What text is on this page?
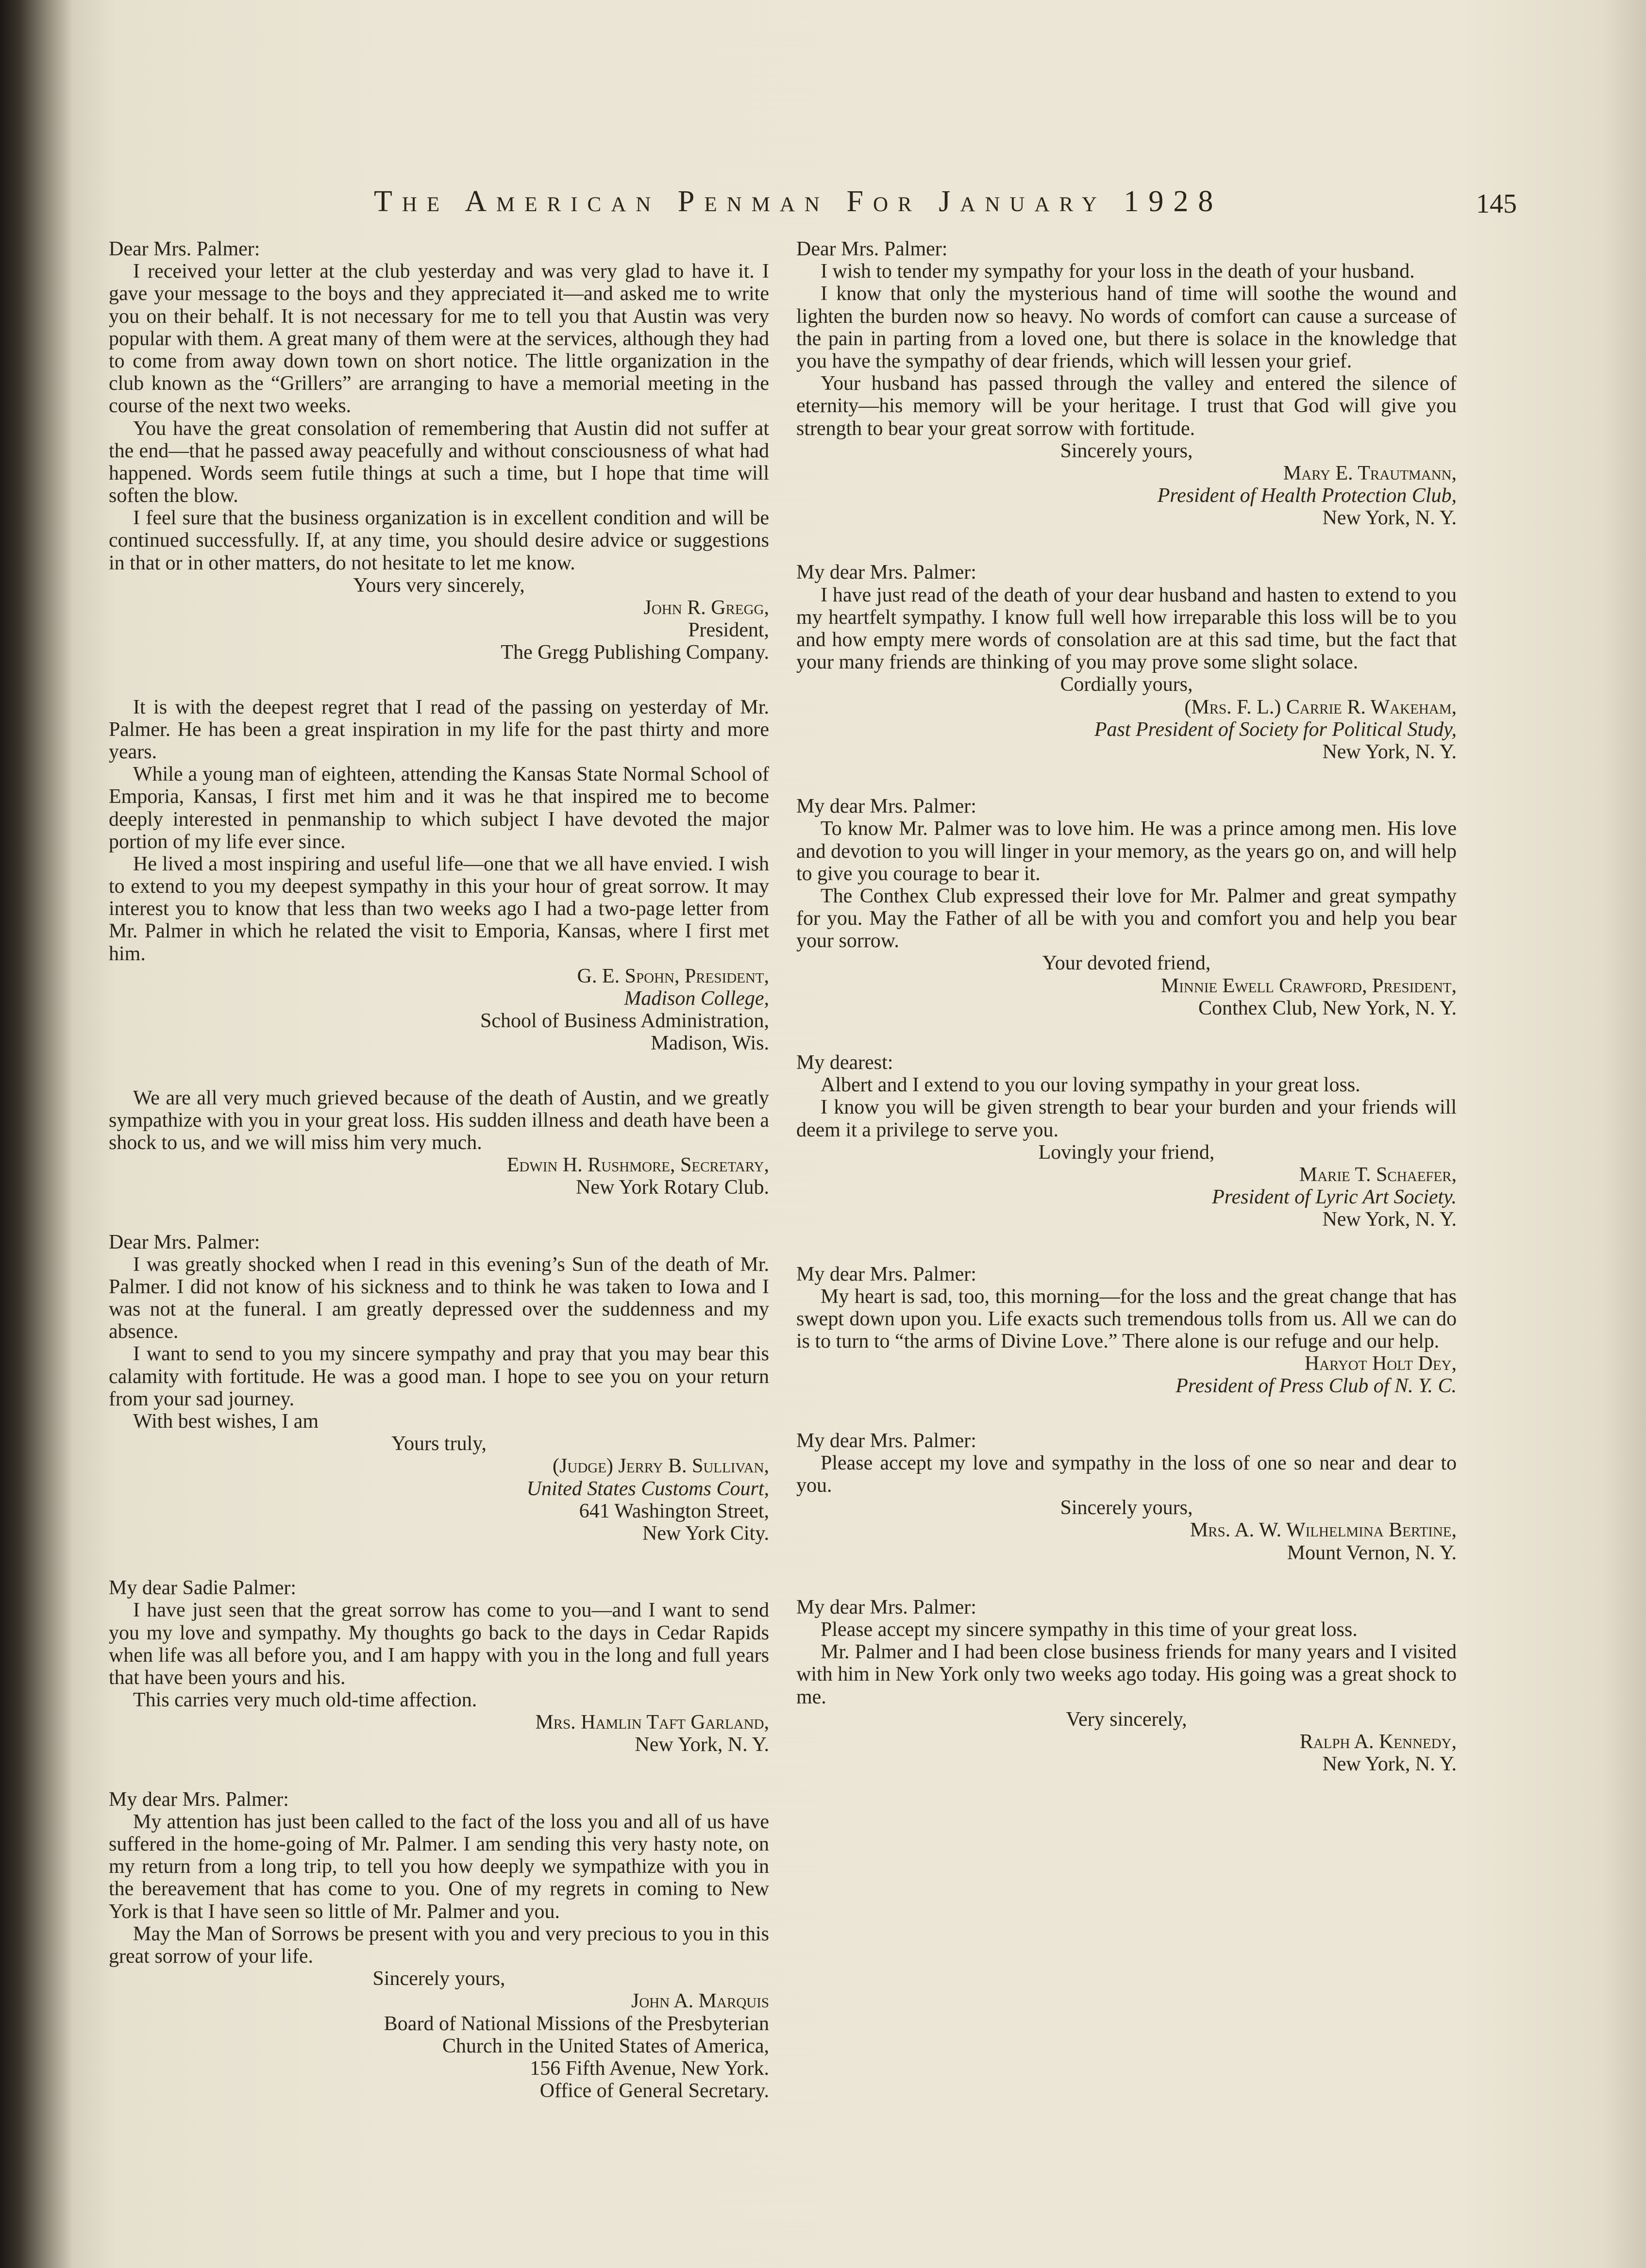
The American Penman For January 1928	145

Dear Mrs. Palmer:

I received your letter at the club yesterday and was very glad to have it. I gave your message to the boys and they appreciated it—and asked me to write you on their behalf. It is not necessary for me to tell you that Austin was very popular with them. A great many of them were at the services, although they had to come from away down town on short notice. The little organization in the club known as the “Grillers” are arranging to have a memorial meeting in the course of the next two weeks.

You have the great consolation of remembering that Austin did not suffer at the end—that he passed away peacefully and without consciousness of what had happened. Words seem futile things at such a time, but I hope that time will soften the blow.

I feel sure that the business organization is in excellent condition and will be continued successfully. If, at any time, you should desire advice or suggestions in that or in other matters, do not hesitate to let me know.

Yours very sincerely,

John R. Gregg,

President,

The Gregg Publishing Company.

It is with the deepest regret that I read of the passing on yesterday of Mr. Palmer. He has been a great inspiration in my life for the past thirty and more years.

While a young man of eighteen, attending the Kansas State Normal School of Emporia, Kansas, I first met him and it was he that inspired me to become deeply interested in penmanship to which subject I have devoted the major portion of my life ever since.

He lived a most inspiring and useful life—one that we all have envied. I wish to extend to you my deepest sympathy in this your hour of great sorrow. It may interest you to know that less than two weeks ago I had a two-page letter from Mr. Palmer in which he related the visit to Emporia, Kansas, where I first met him.

G. E. Spohn, President,

Madison College,

School of Business Administration,

Madison, Wis.

We are all very much grieved because of the death of Austin, and we greatly sympathize with you in your great loss. His sudden illness and death have been a shock to us, and we will miss him very much.

Edwin H. Rushmore, Secretary,

New York Rotary Club.

Dear Mrs. Palmer:

I was greatly shocked when I read in this evening’s Sun of the death of Mr. Palmer. I did not know of his sickness and to think he was taken to Iowa and I was not at the funeral. I am greatly depressed over the suddenness and my absence.

I want to send to you my sincere sympathy and pray that you may bear this calamity with fortitude. He was a good man. I hope to see you on your return from your sad journey.

With best wishes, I am

Yours truly,

(Judge) Jerry B. Sullivan,

United States Customs Court,

641 Washington Street,

New York City.

My dear Sadie Palmer:

I have just seen that the great sorrow has come to you—and I want to send you my love and sympathy. My thoughts go back to the days in Cedar Rapids when life was all before you, and I am happy with you in the long and full years that have been yours and his.

This carries very much old-time affection.

Mrs. Hamlin Taft Garland,

New York, N. Y.

My dear Mrs. Palmer:

My attention has just been called to the fact of the loss you and all of us have suffered in the home-going of Mr. Palmer. I am sending this very hasty note, on my return from a long trip, to tell you how deeply we sympathize with you in the bereavement that has come to you. One of my regrets in coming to New York is that I have seen so little of Mr. Palmer and you.

May the Man of Sorrows be present with you and very precious to you in this great sorrow of your life.

Sincerely yours,

John A. Marquis

Board of National Missions of the Presbyterian

Church in the United States of America,

156 Fifth Avenue, New York.

Office of General Secretary.

Dear Mrs. Palmer:

I wish to tender my sympathy for your loss in the death of your husband.

I know that only the mysterious hand of time will soothe the wound and lighten the burden now so heavy. No words of comfort can cause a surcease of the pain in parting from a loved one, but there is solace in the knowledge that you have the sympathy of dear friends, which will lessen your grief.

Your husband has passed through the valley and entered the silence of eternity—his memory will be your heritage. I trust that God will give you strength to bear your great sorrow with fortitude.

Sincerely yours,

Mary E. Trautmann,

President of Health Protection Club,

New York, N. Y.

My dear Mrs. Palmer:

I have just read of the death of your dear husband and hasten to extend to you my heartfelt sympathy. I know full well how irreparable this loss will be to you and how empty mere words of consolation are at this sad time, but the fact that your many friends are thinking of you may prove some slight solace.

Cordially yours,

(Mrs. F. L.) Carrie R. Wakeham,

Past President of Society for Political Study,

New York, N. Y.

My dear Mrs. Palmer:

To know Mr. Palmer was to love him. He was a prince among men. His love and devotion to you will linger in your memory, as the years go on, and will help to give you courage to bear it.

The Conthex Club expressed their love for Mr. Palmer and great sympathy for you. May the Father of all be with you and comfort you and help you bear your sorrow.

Your devoted friend,

Minnie Ewell Crawford, President,

Conthex Club, New York, N. Y.

My dearest:

Albert and I extend to you our loving sympathy in your great loss.

I know you will be given strength to bear your burden and your friends will deem it a privilege to serve you.

Lovingly your friend,

Marie T. Schaefer,

President of Lyric Art Society.

New York, N. Y.

My dear Mrs. Palmer:

My heart is sad, too, this morning—for the loss and the great change that has swept down upon you. Life exacts such tremendous tolls from us. All we can do is to turn to “the arms of Divine Love.” There alone is our refuge and our help.

Haryot Holt Dey,

President of Press Club of N. Y. C.

My dear Mrs. Palmer:

Please accept my love and sympathy in the loss of one so near and dear to you.

Sincerely yours,

Mrs. A. W. Wilhelmina Bertine,

Mount Vernon, N. Y.

My dear Mrs. Palmer:

Please accept my sincere sympathy in this time of your great loss.

Mr. Palmer and I had been close business friends for many years and I visited with him in New York only two weeks ago today. His going was a great shock to me.

Very sincerely,

Ralph A. Kennedy,

New York, N. Y.
